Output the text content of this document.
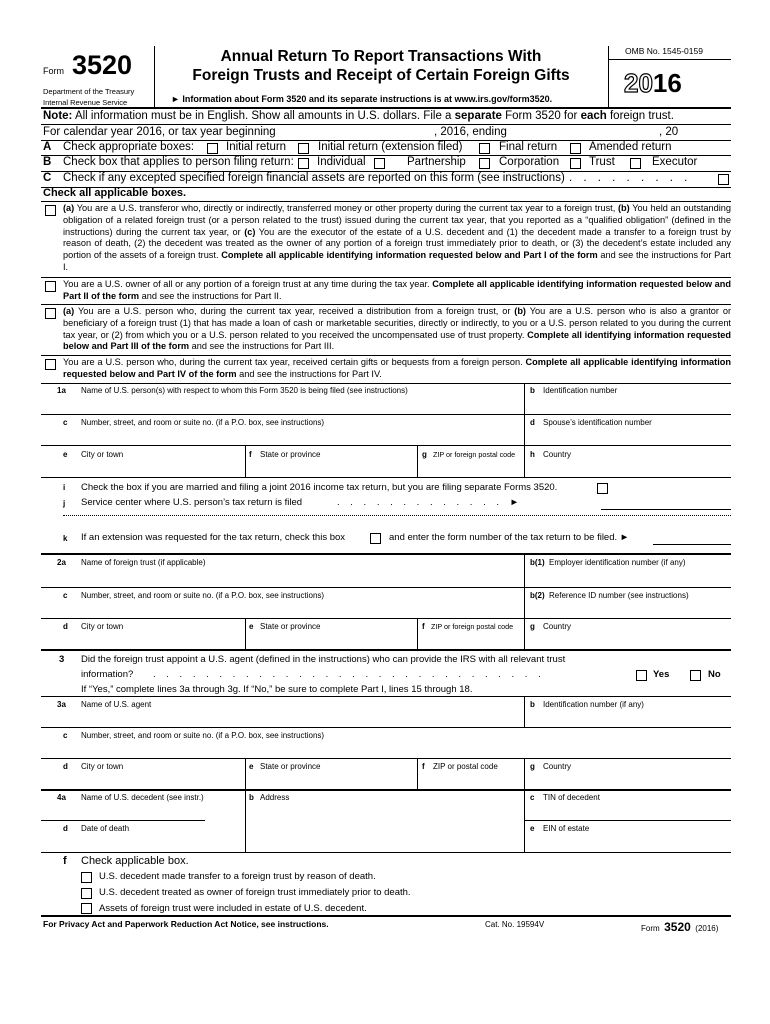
Form 3520
Department of the Treasury
Internal Revenue Service
Annual Return To Report Transactions With
Foreign Trusts and Receipt of Certain Foreign Gifts
► Information about Form 3520 and its separate instructions is at www.irs.gov/form3520.
OMB No. 1545-0159
2016
Note: All information must be in English. Show all amounts in U.S. dollars. File a separate Form 3520 for each foreign trust.
For calendar year 2016, or tax year beginning	, 2016, ending	, 20
A Check appropriate boxes:	Initial return	Initial return (extension filed)	Final return	Amended return
B Check box that applies to person filing return: Individual	Partnership	Corporation	Trust	Executor
C Check if any excepted specified foreign financial assets are reported on this form (see instructions) . . . . . . . . .
Check all applicable boxes.
(a) You are a U.S. transferor who, directly or indirectly, transferred money or other property during the current tax year to a foreign trust, (b) You held an outstanding obligation of a related foreign trust (or a person related to the trust) issued during the current tax year, that you reported as a “qualified obligation” (defined in the instructions) during the current tax year, or (c) You are the executor of the estate of a U.S. decedent and (1) the decedent made a transfer to a foreign trust by reason of death, (2) the decedent was treated as the owner of any portion of a foreign trust immediately prior to death, or (3) the decedent’s estate included any portion of the assets of a foreign trust. Complete all applicable identifying information requested below and Part I of the form and see the instructions for Part I.
You are a U.S. owner of all or any portion of a foreign trust at any time during the tax year. Complete all applicable identifying information requested below and Part II of the form and see the instructions for Part II.
(a) You are a U.S. person who, during the current tax year, received a distribution from a foreign trust, or (b) You are a U.S. person who is also a grantor or beneficiary of a foreign trust (1) that has made a loan of cash or marketable securities, directly or indirectly, to you or a U.S. person related to you during the current tax year, or (2) from which you or a U.S. person related to you received the uncompensated use of trust property. Complete all identifying information requested below and Part III of the form and see the instructions for Part III.
You are a U.S. person who, during the current tax year, received certain gifts or bequests from a foreign person. Complete all applicable identifying information requested below and Part IV of the form and see the instructions for Part IV.
1a Name of U.S. person(s) with respect to whom this Form 3520 is being filed (see instructions)	b Identification number
c Number, street, and room or suite no. (if a P.O. box, see instructions)	d Spouse’s identification number
e City or town	f State or province	g ZIP or foreign postal code h Country
i Check the box if you are married and filing a joint 2016 income tax return, but you are filing separate Forms 3520.
j Service center where U.S. person’s tax return is filed	. . . . . . . . . . . . . ►
k If an extension was requested for the tax return, check this box	and enter the form number of the tax return to be filed. ►
2a Name of foreign trust (if applicable)	b(1) Employer identification number (if any)
c Number, street, and room or suite no. (if a P.O. box, see instructions)	b(2) Reference ID number (see instructions)
d City or town	e State or province	f ZIP or foreign postal code g Country
3 Did the foreign trust appoint a U.S. agent (defined in the instructions) who can provide the IRS with all relevant trust
information? . . . . . . . . . . . . . . . . . . . . . . . . . . . . . .	Yes	No
If “Yes,” complete lines 3a through 3g. If “No,” be sure to complete Part I, lines 15 through 18.
3a Name of U.S. agent	b Identification number (if any)
c Number, street, and room or suite no. (if a P.O. box, see instructions)
d City or town	e State or province	f ZIP or postal code	g Country
4a Name of U.S. decedent (see instr.)	b Address	c TIN of decedent
d Date of death	e EIN of estate
f Check applicable box.
U.S. decedent made transfer to a foreign trust by reason of death.
U.S. decedent treated as owner of foreign trust immediately prior to death.
Assets of foreign trust were included in estate of U.S. decedent.
For Privacy Act and Paperwork Reduction Act Notice, see instructions.	Cat. No. 19594V	Form 3520 (2016)
